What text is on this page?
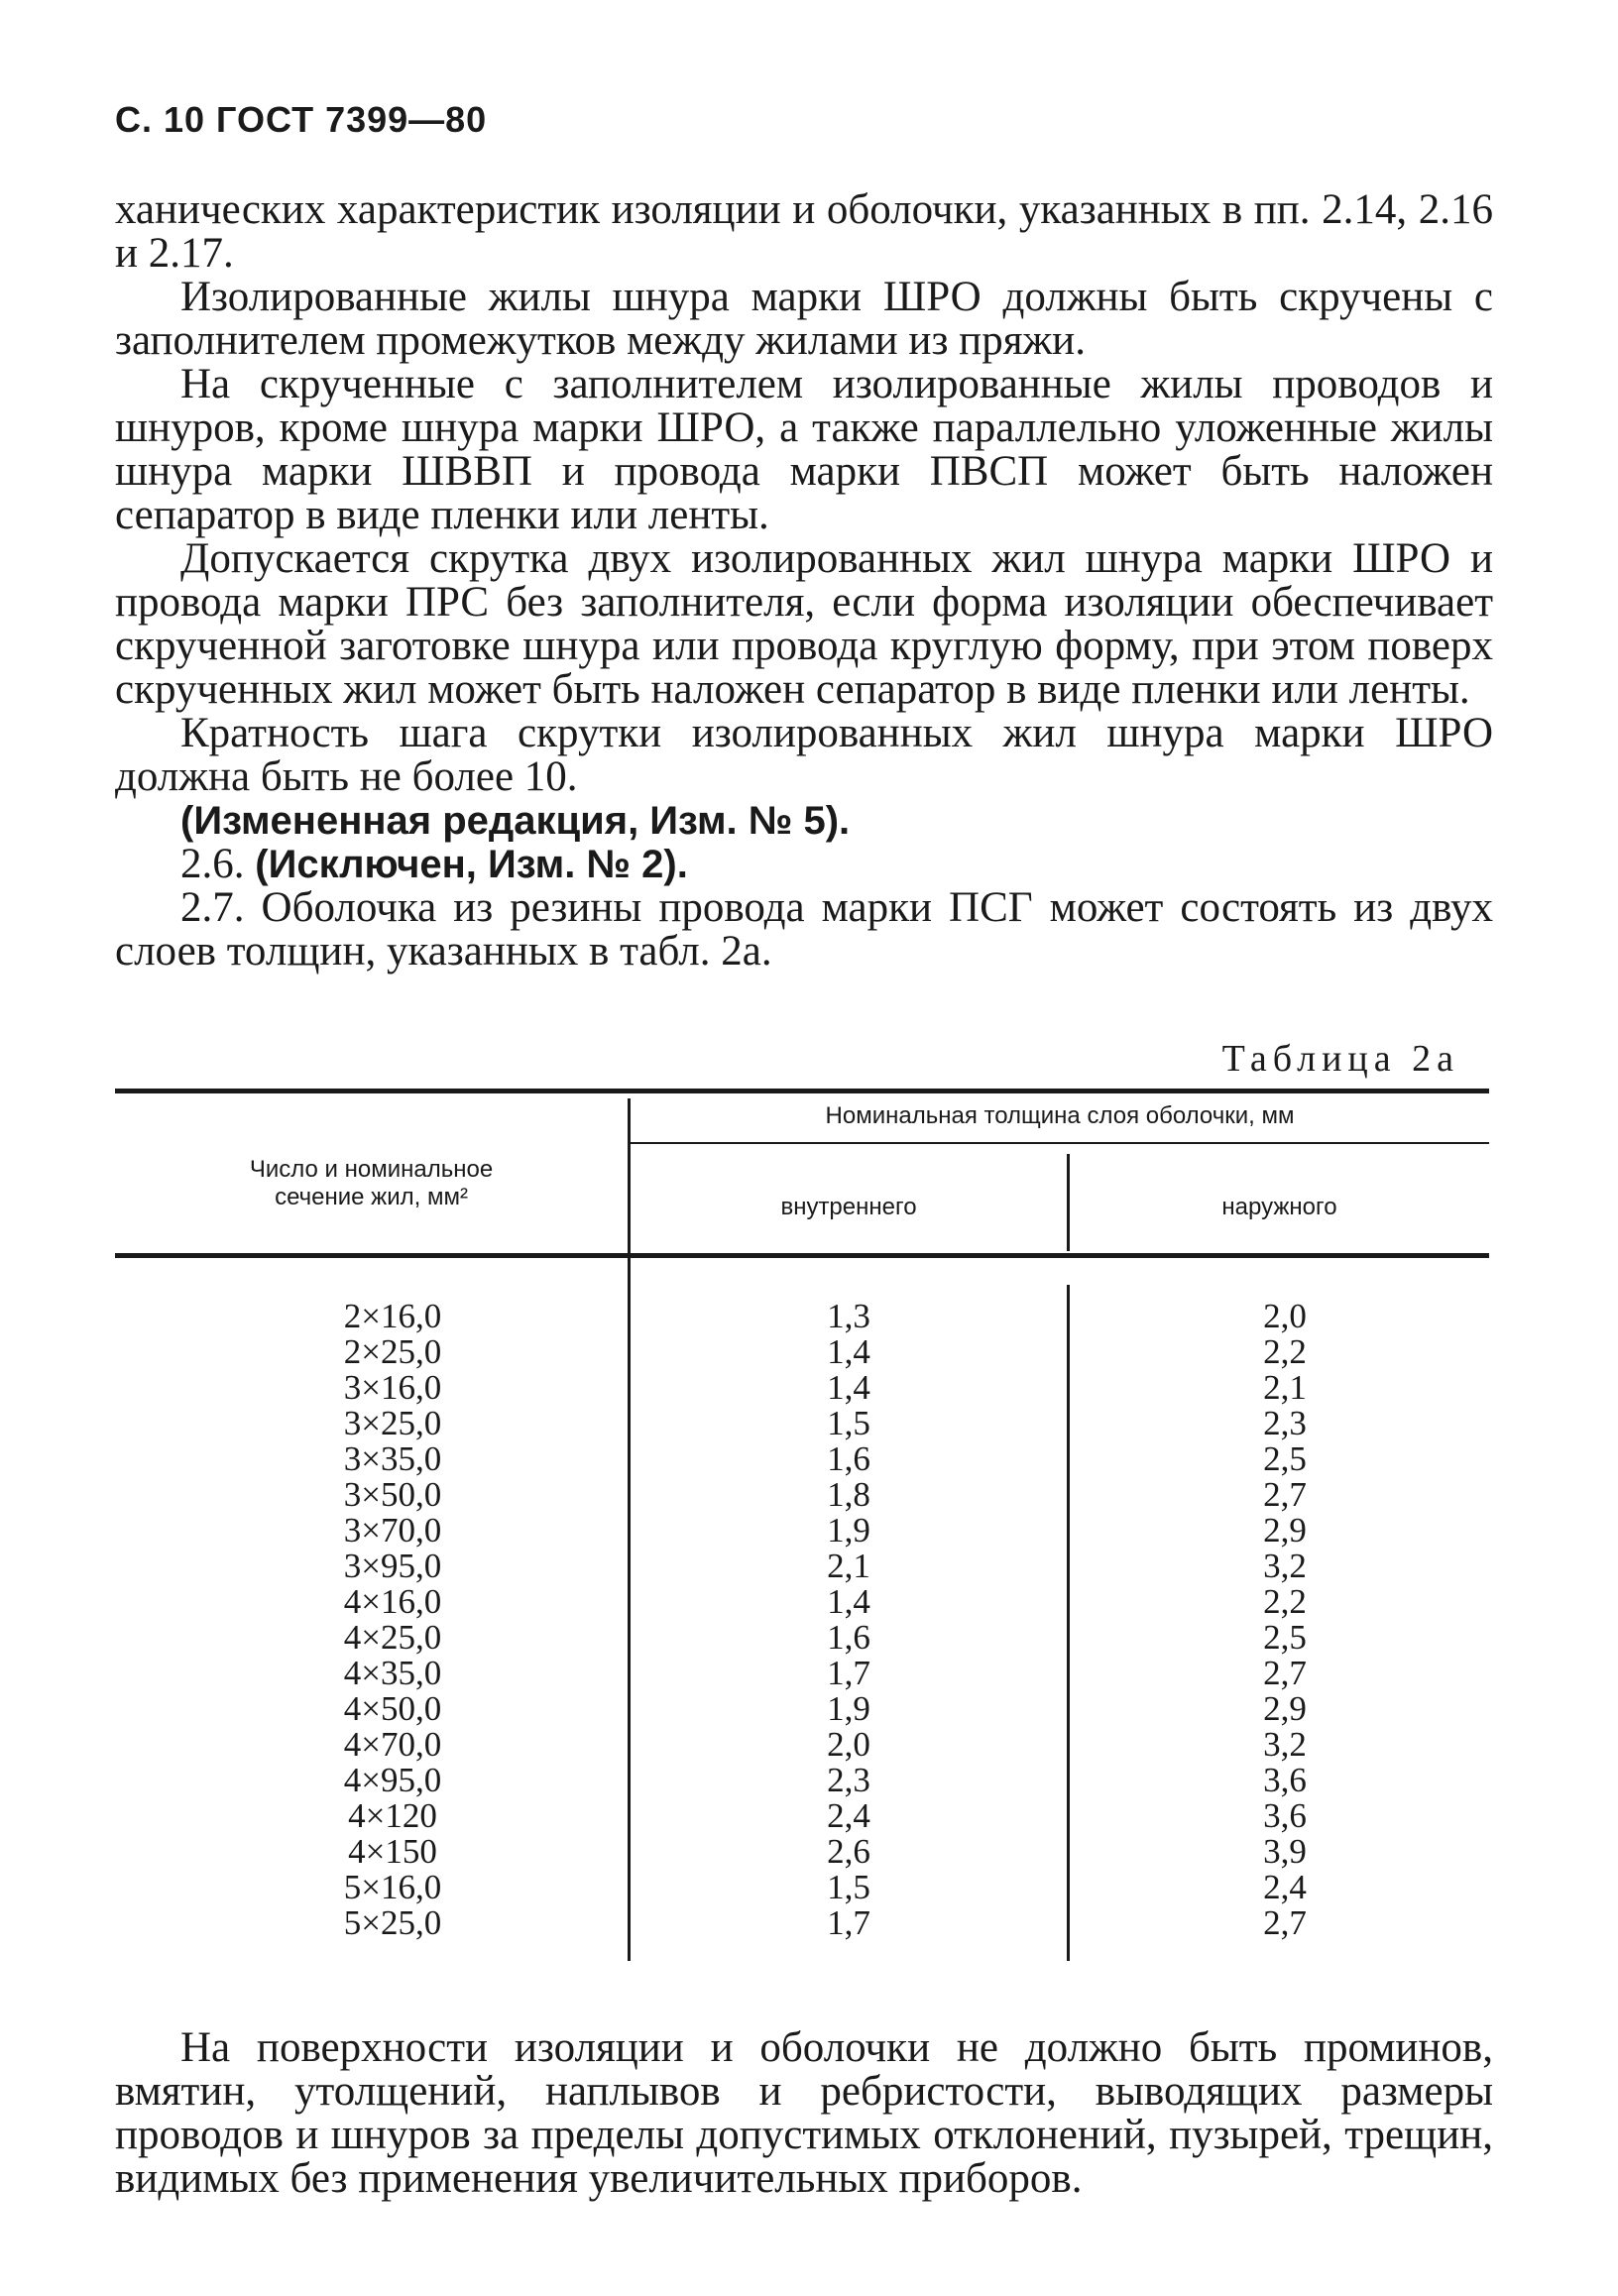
С. 10 ГОСТ 7399—80

ханических характеристик изоляции и оболочки, указанных в пп. 2.14, 2.16 и 2.17.

Изолированные жилы шнура марки ШРО должны быть скручены с заполнителем промежутков между жилами из пряжи.

На скрученные с заполнителем изолированные жилы проводов и шнуров, кроме шнура марки ШРО, а также параллельно уложенные жилы шнура марки ШВВП и провода марки ПВСП может быть наложен сепаратор в виде пленки или ленты.

Допускается скрутка двух изолированных жил шнура марки ШРО и провода марки ПРС без заполнителя, если форма изоляции обеспечивает скрученной заготовке шнура или провода круглую форму, при этом поверх скрученных жил может быть наложен сепаратор в виде пленки или ленты.

Кратность шага скрутки изолированных жил шнура марки ШРО должна быть не более 10.

(Измененная редакция, Изм. № 5).

2.6. (Исключен, Изм. № 2).

2.7. Оболочка из резины провода марки ПСГ может состоять из двух слоев толщин, указанных в табл. 2а.

Таблица 2а
Число и номинальное
сечение жил, мм²
Номинальная толщина слоя оболочки, мм
внутреннего	наружного
2×16,0
2×25,0
3×16,0
3×25,0
3×35,0
3×50,0
3×70,0
3×95,0
4×16,0
4×25,0
4×35,0
4×50,0
4×70,0
4×95,0
4×120
4×150
5×16,0
5×25,0
1,3
1,4
1,4
1,5
1,6
1,8
1,9
2,1
1,4
1,6
1,7
1,9
2,0
2,3
2,4
2,6
1,5
1,7
2,0
2,2
2,1
2,3
2,5
2,7
2,9
3,2
2,2
2,5
2,7
2,9
3,2
3,6
3,6
3,9
2,4
2,7

На поверхности изоляции и оболочки не должно быть проминов, вмятин, утолщений, наплывов и ребристости, выводящих размеры проводов и шнуров за пределы допустимых отклонений, пузырей, трещин, видимых без применения увеличительных приборов.
